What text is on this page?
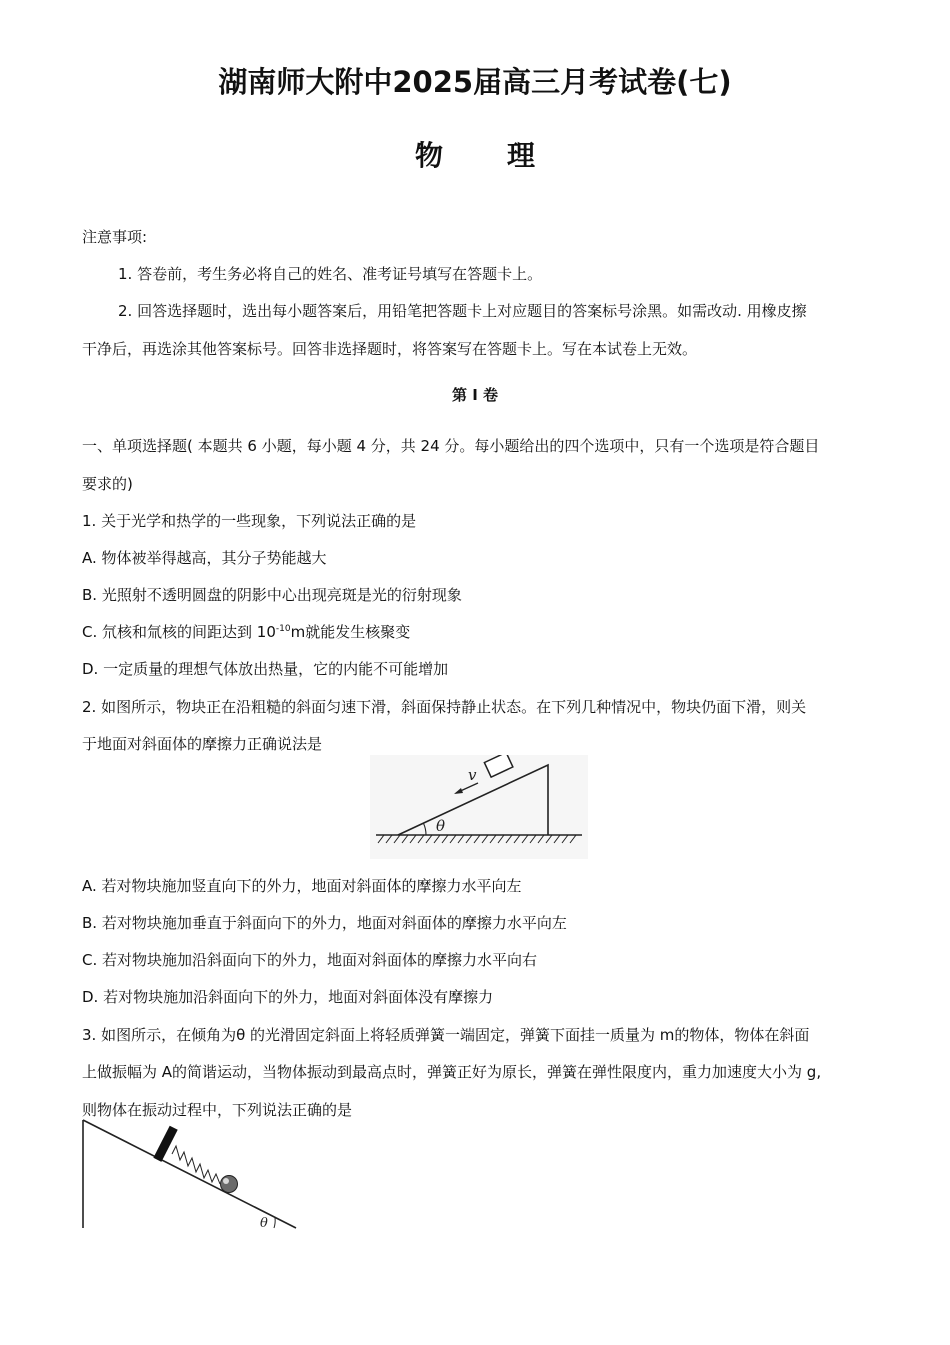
湖南师大附中2025届高三月考试卷(七)
物 理
注意事项:
1. 答卷前，考生务必将自己的姓名、准考证号填写在答题卡上。
2. 回答选择题时，选出每小题答案后，用铅笔把答题卡上对应题目的答案标号涂黑。如需改动. 用橡皮擦
干净后，再选涂其他答案标号。回答非选择题时，将答案写在答题卡上。写在本试卷上无效。
第 Ⅰ 卷
一、单项选择题( 本题共 6 小题，每小题 4 分，共 24 分。每小题给出的四个选项中，只有一个选项是符合题目
要求的)
1. 关于光学和热学的一些现象，下列说法正确的是
A. 物体被举得越高，其分子势能越大
B. 光照射不透明圆盘的阴影中心出现亮斑是光的衍射现象
C. 氘核和氚核的间距达到 $10^{-10}m$就能发生核聚变
D. 一定质量的理想气体放出热量，它的内能不可能增加
2. 如图所示，物块正在沿粗糙的斜面匀速下滑，斜面保持静止状态。在下列几种情况中，物块仍面下滑，则关
于地面对斜面体的摩擦力正确说法是
v
θ
A. 若对物块施加竖直向下的外力，地面对斜面体的摩擦力水平向左
B. 若对物块施加垂直于斜面向下的外力，地面对斜面体的摩擦力水平向左
C. 若对物块施加沿斜面向下的外力，地面对斜面体的摩擦力水平向右
D. 若对物块施加沿斜面向下的外力，地面对斜面体没有摩擦力
3. 如图所示，在倾角为θ 的光滑固定斜面上将轻质弹簧一端固定，弹簧下面挂一质量为 m的物体，物体在斜面
上做振幅为 A的简谐运动，当物体振动到最高点时，弹簧正好为原长，弹簧在弹性限度内，重力加速度大小为 g,
则物体在振动过程中，下列说法正确的是
θ
